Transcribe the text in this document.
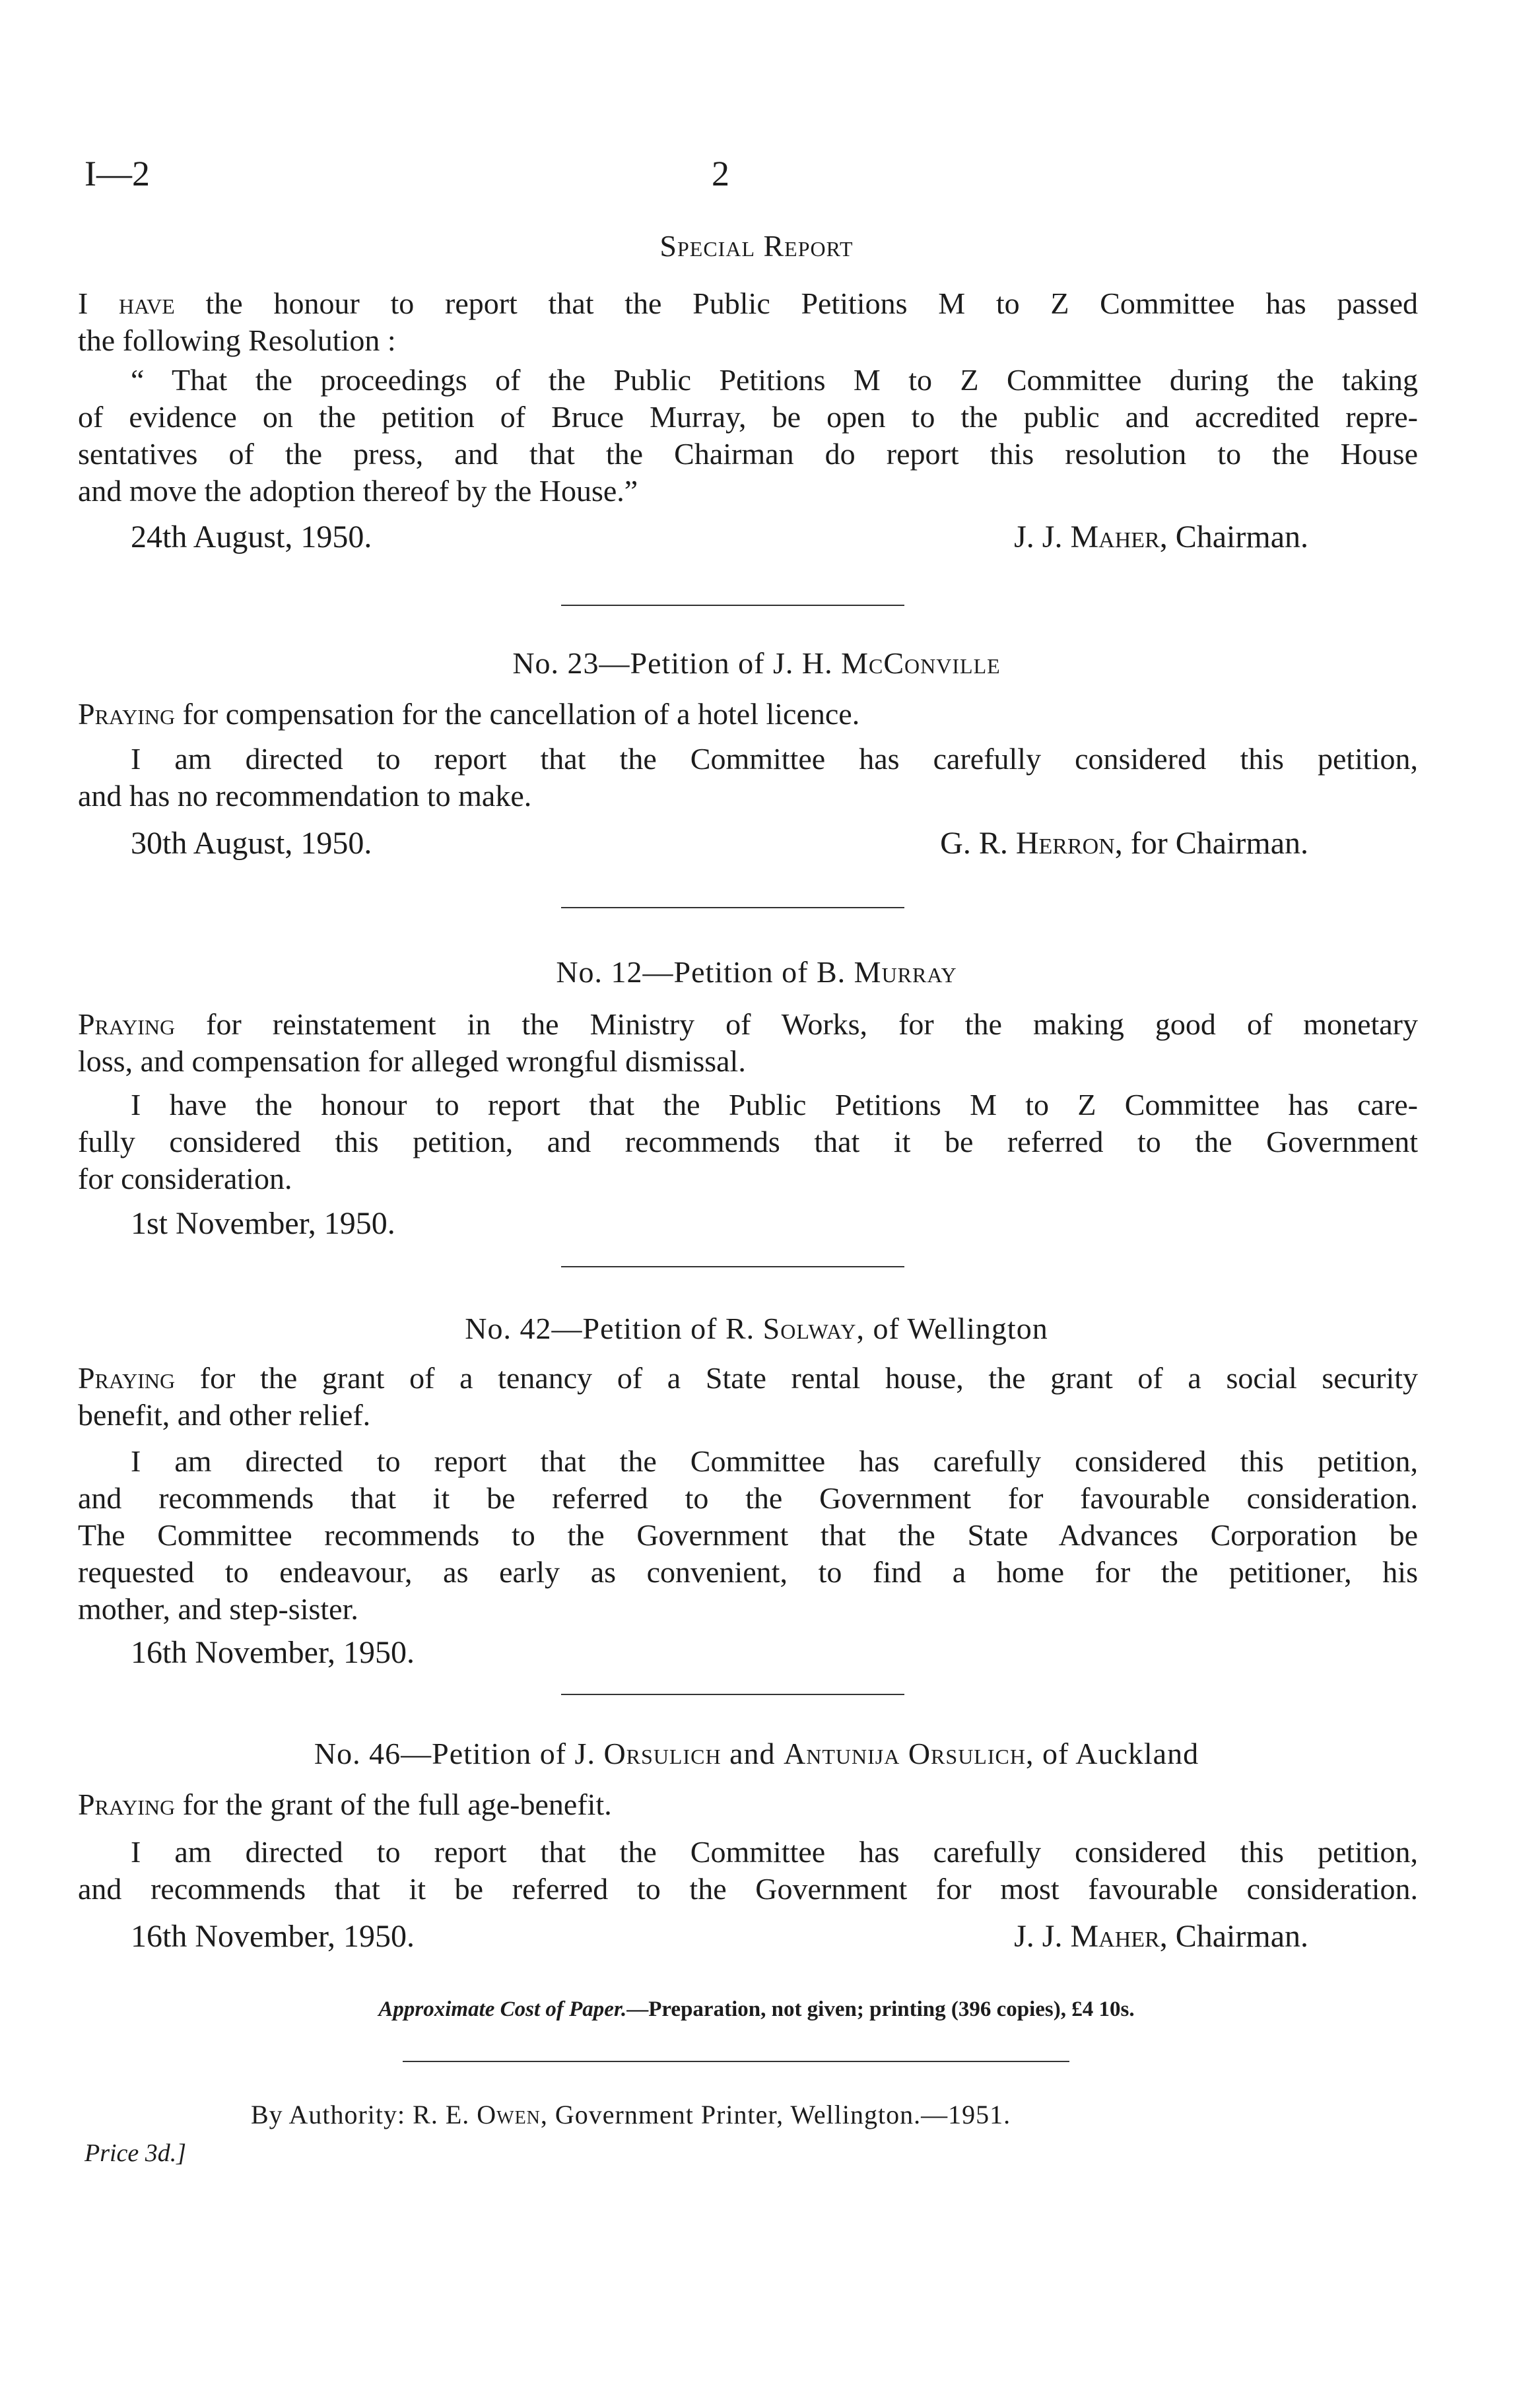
I—2	2
Special Report
I have the honour to report that the Public Petitions M to Z Committee has passed
the following Resolution :
“ That the proceedings of the Public Petitions M to Z Committee during the taking
of evidence on the petition of Bruce Murray, be open to the public and accredited repre-
sentatives of the press, and that the Chairman do report this resolution to the House
and move the adoption thereof by the House.”
24th August, 1950.	J. J. Maher, Chairman.
No. 23—Petition of J. H. McConville
Praying for compensation for the cancellation of a hotel licence.
I am directed to report that the Committee has carefully considered this petition,
and has no recommendation to make.
30th August, 1950.	G. R. Herron, for Chairman.
No. 12—Petition of B. Murray
Praying for reinstatement in the Ministry of Works, for the making good of monetary
loss, and compensation for alleged wrongful dismissal.
I have the honour to report that the Public Petitions M to Z Committee has care-
fully considered this petition, and recommends that it be referred to the Government
for consideration.
1st November, 1950.
No. 42—Petition of R. Solway, of Wellington
Praying for the grant of a tenancy of a State rental house, the grant of a social security
benefit, and other relief.
I am directed to report that the Committee has carefully considered this petition,
and recommends that it be referred to the Government for favourable consideration.
The Committee recommends to the Government that the State Advances Corporation be
requested to endeavour, as early as convenient, to find a home for the petitioner, his
mother, and step-sister.
16th November, 1950.
No. 46—Petition of J. Orsulich and Antunija Orsulich, of Auckland
Praying for the grant of the full age-benefit.
I am directed to report that the Committee has carefully considered this petition,
and recommends that it be referred to the Government for most favourable consideration.
16th November, 1950.	J. J. Maher, Chairman.
Approximate Cost of Paper.—Preparation, not given; printing (396 copies), £4 10s.
By Authority: R. E. Owen, Government Printer, Wellington.—1951.
Price 3d.]
